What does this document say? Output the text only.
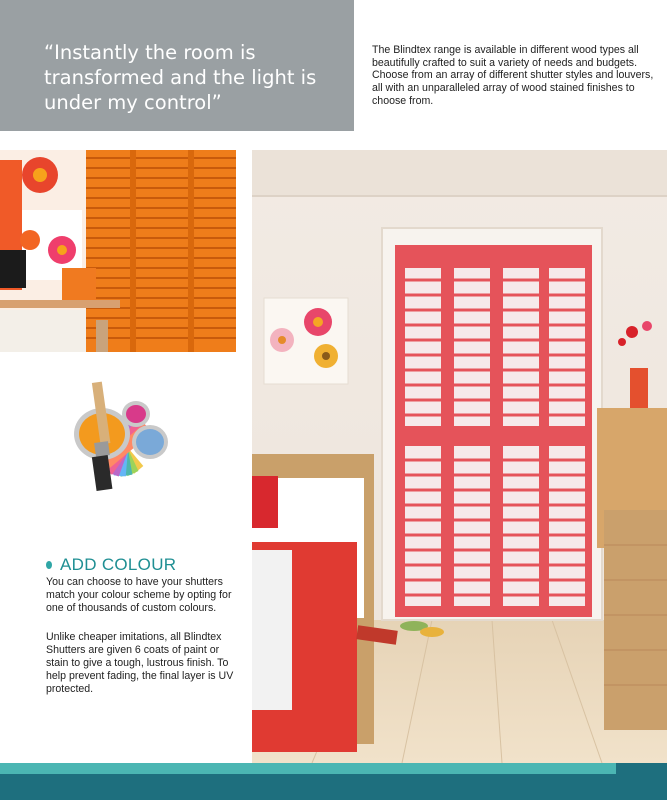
“Instantly the room is transformed and the light is under my control”

The Blindtex range is available in different wood types all beautifully crafted to suit a variety of needs and budgets. Choose from an array of different shutter styles and louvers, all with an unparalleled array of wood stained finishes to choose from.

ADD COLOUR

You can choose to have your shutters match your colour scheme by opting for one of thousands of custom colours.

Unlike cheaper imitations, all Blindtex Shutters are given 6 coats of paint or stain to give a tough, lustrous finish. To help prevent fading, the final layer is UV protected.
